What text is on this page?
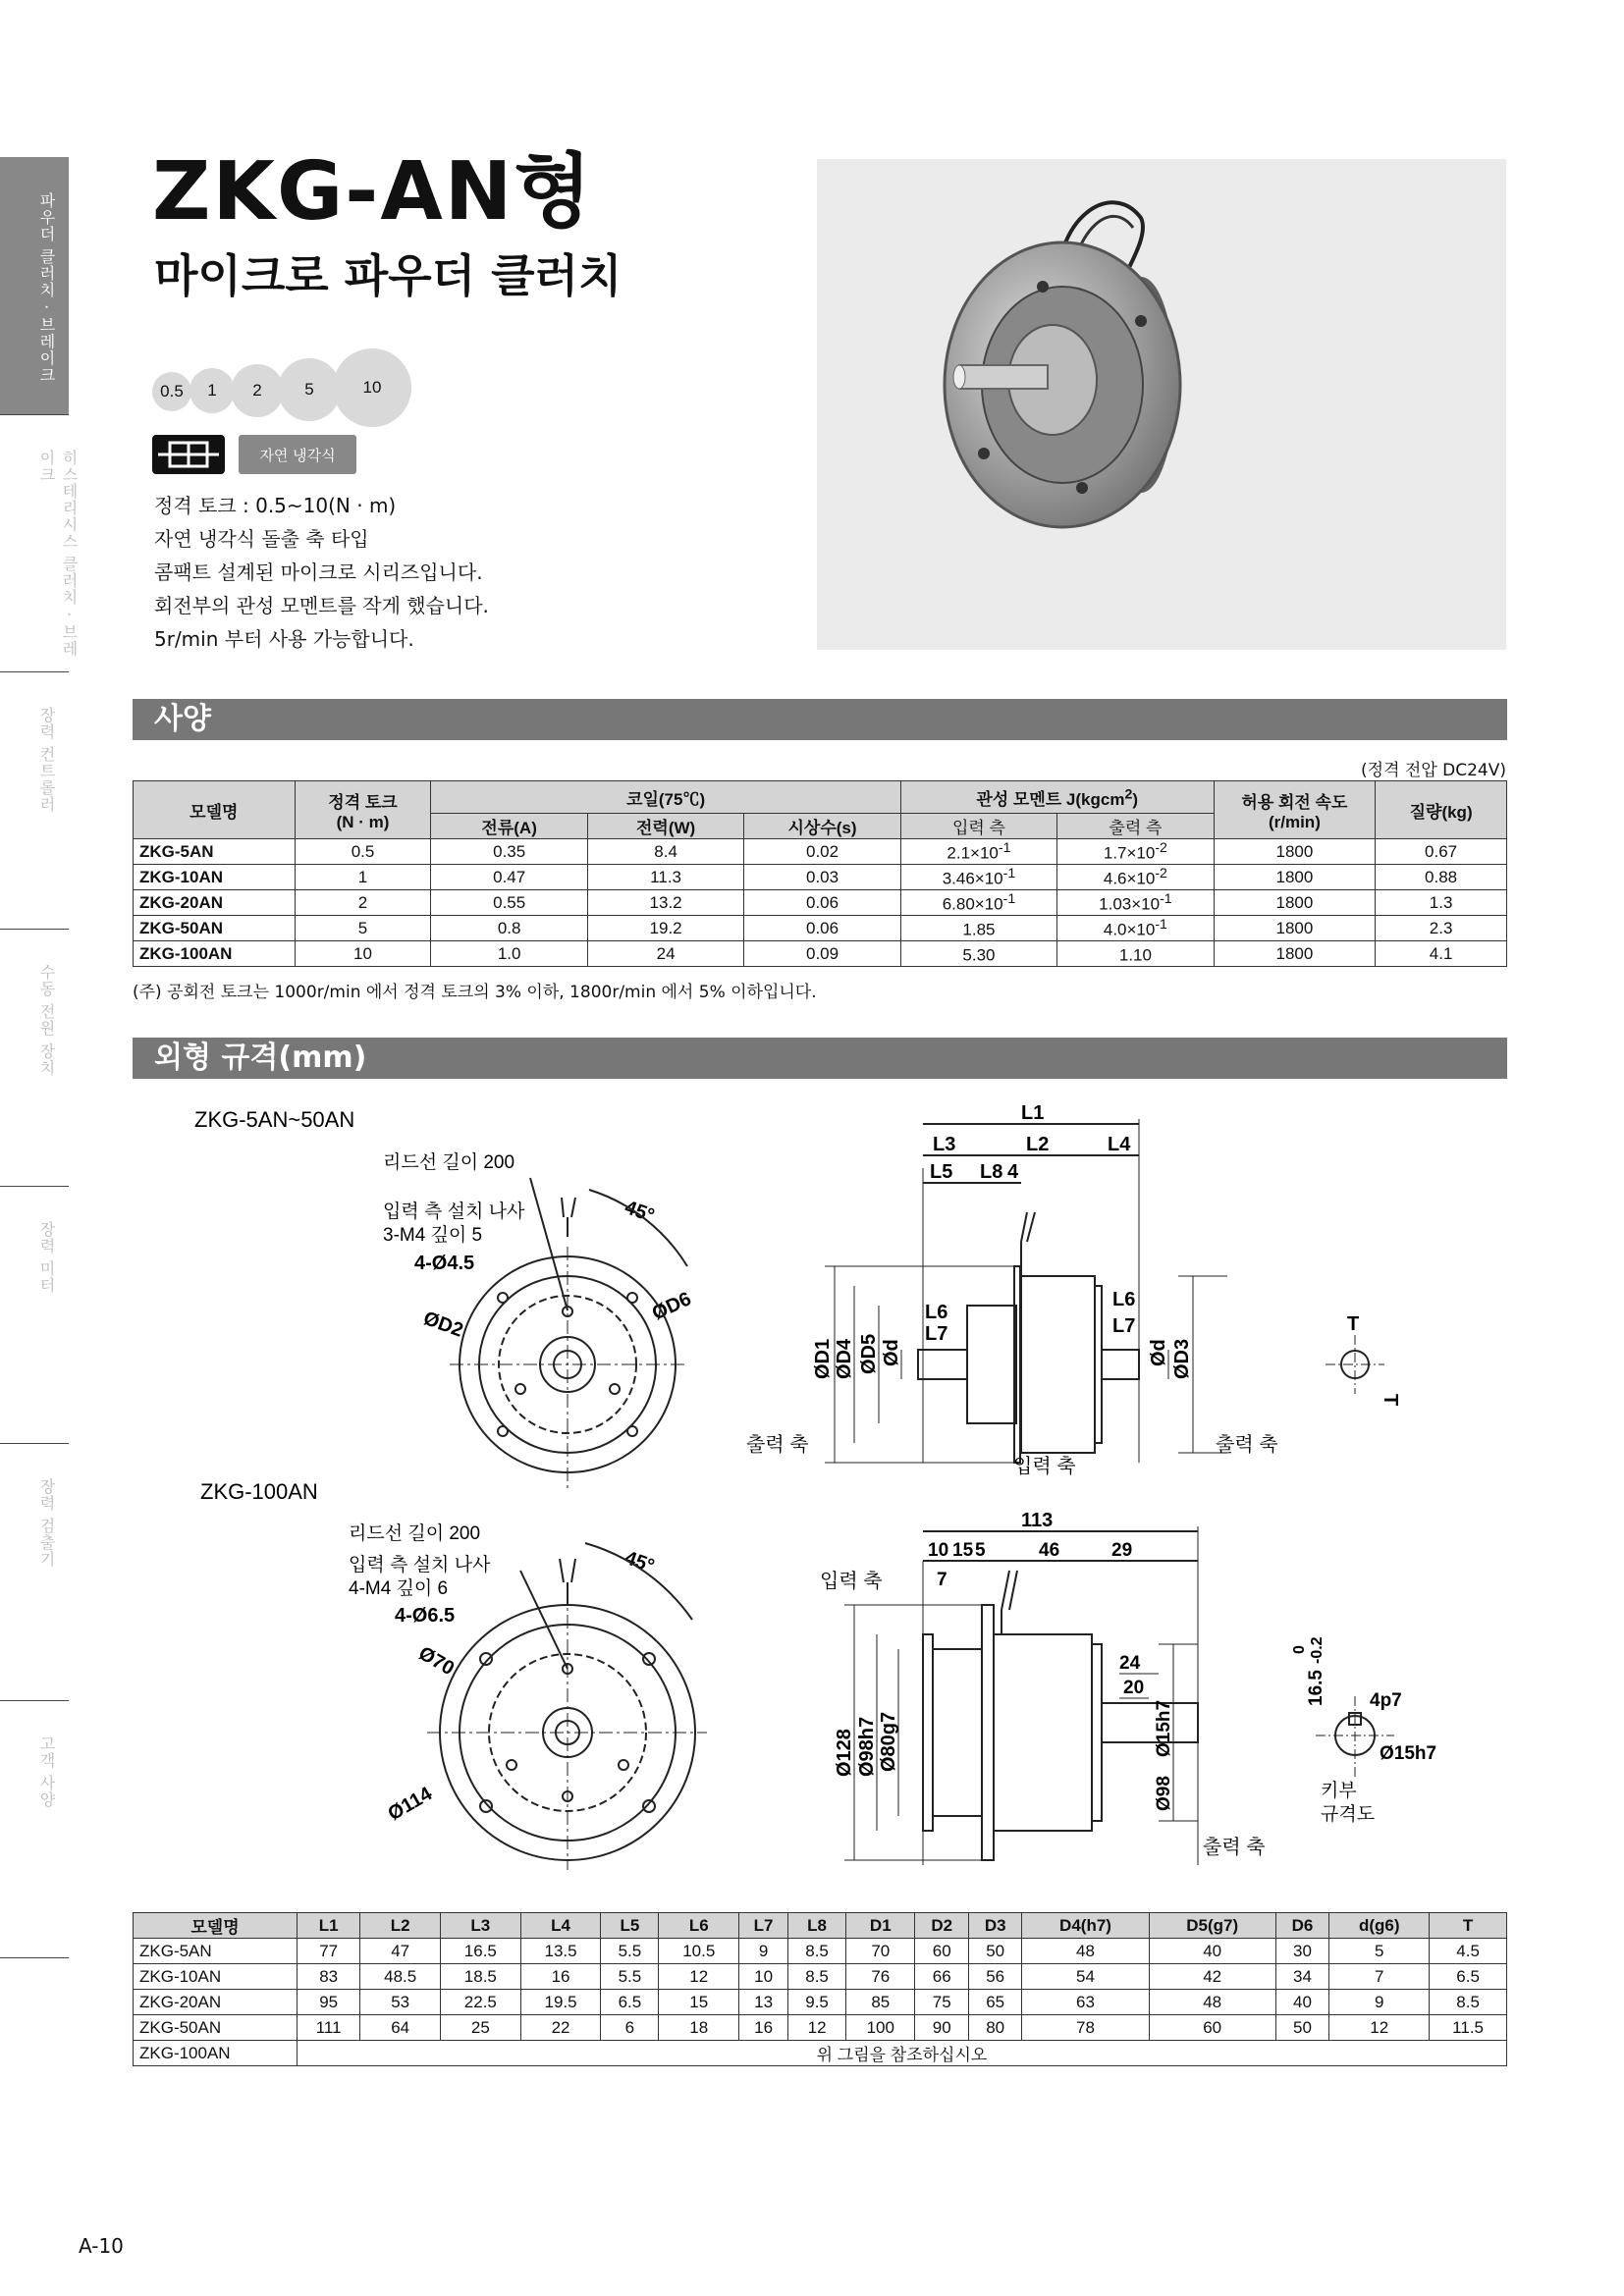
파우더 클러치 · 브레이크
히스테리시스 클러치 · 브레이크
장력 컨트롤러
수동 전원 장치
장력 미터
장력 검출기
고객 사양
ZKG-AN형
마이크로 파우더 클러치
0.5	1	2	5	10
자연 냉각식
정격 토크 : 0.5~10(N · m)
자연 냉각식 돌출 축 타입
콤팩트 설계된 마이크로 시리즈입니다.
회전부의 관성 모멘트를 작게 했습니다.
5r/min 부터 사용 가능합니다.
사양
(정격 전압 DC24V)
모델명	정격 토크
(N · m)	코일(75℃)			관성 모멘트 J(kgcm$^2$)		허용 회전 속도
(r/min)	질량(kg)
		전류(A)	전력(W)	시상수(s)	입력 측	출력 측		
ZKG-5AN	0.5	0.35	8.4	0.02	$2.1\times 10^{-1}$	$1.7\times 10^{-2}$	1800	0.67
ZKG-10AN	1	0.47	11.3	0.03	$3.46\times 10^{-1}$	$4.6\times 10^{-2}$	1800	0.88
ZKG-20AN	2	0.55	13.2	0.06	$6.80\times 10^{-1}$	$1.03\times 10^{-1}$	1800	1.3
ZKG-50AN	5	0.8	19.2	0.06	1.85	$4.0\times 10^{-1}$	1800	2.3
ZKG-100AN	10	1.0	24	0.09	5.30	1.10	1800	4.1
(주) 공회전 토크는 1000r/min 에서 정격 토크의 3% 이하, 1800r/min 에서 5% 이하입니다.
외형 규격(mm)
ZKG-5AN~50AN
리드선 길이 200
입력 측 설치 나사
3-M4 깊이 5
4-Ø4.5
45°
ØD2	ØD6
L1
L3	L2	L4
L5 L8 4
L6
L7
L6
L7
ØD1 ØD4 ØD5 Ød	Ød ØD3
출력 축
입력 축
출력 축
T
T
ZKG-100AN
리드선 길이 200
입력 측 설치 나사
4-M4 깊이 6
4-Ø6.5
Ø70
Ø114
45°
113
10 15 5	46	29
7
입력 축
24
20
Ø128 Ø98h7 Ø80g7	Ø15h7
Ø98
출력 축
0 -0.2
16.5 4p7
Ø15h7
키부
규격도
모델명	L1	L2	L3	L4	L5	L6	L7	L8	D1	D2	D3	D4(h7)	D5(g7)	D6	d(g6)	T
ZKG-5AN	77	47	16.5	13.5	5.5	10.5	9	8.5	70	60	50	48	40	30	5	4.5
ZKG-10AN	83	48.5	18.5	16	5.5	12	10	8.5	76	66	56	54	42	34	7	6.5
ZKG-20AN	95	53	22.5	19.5	6.5	15	13	9.5	85	75	65	63	48	40	9	8.5
ZKG-50AN	111	64	25	22	6	18	16	12	100	90	80	78	60	50	12	11.5
ZKG-100AN	위 그림을 참조하십시오															
A-10
